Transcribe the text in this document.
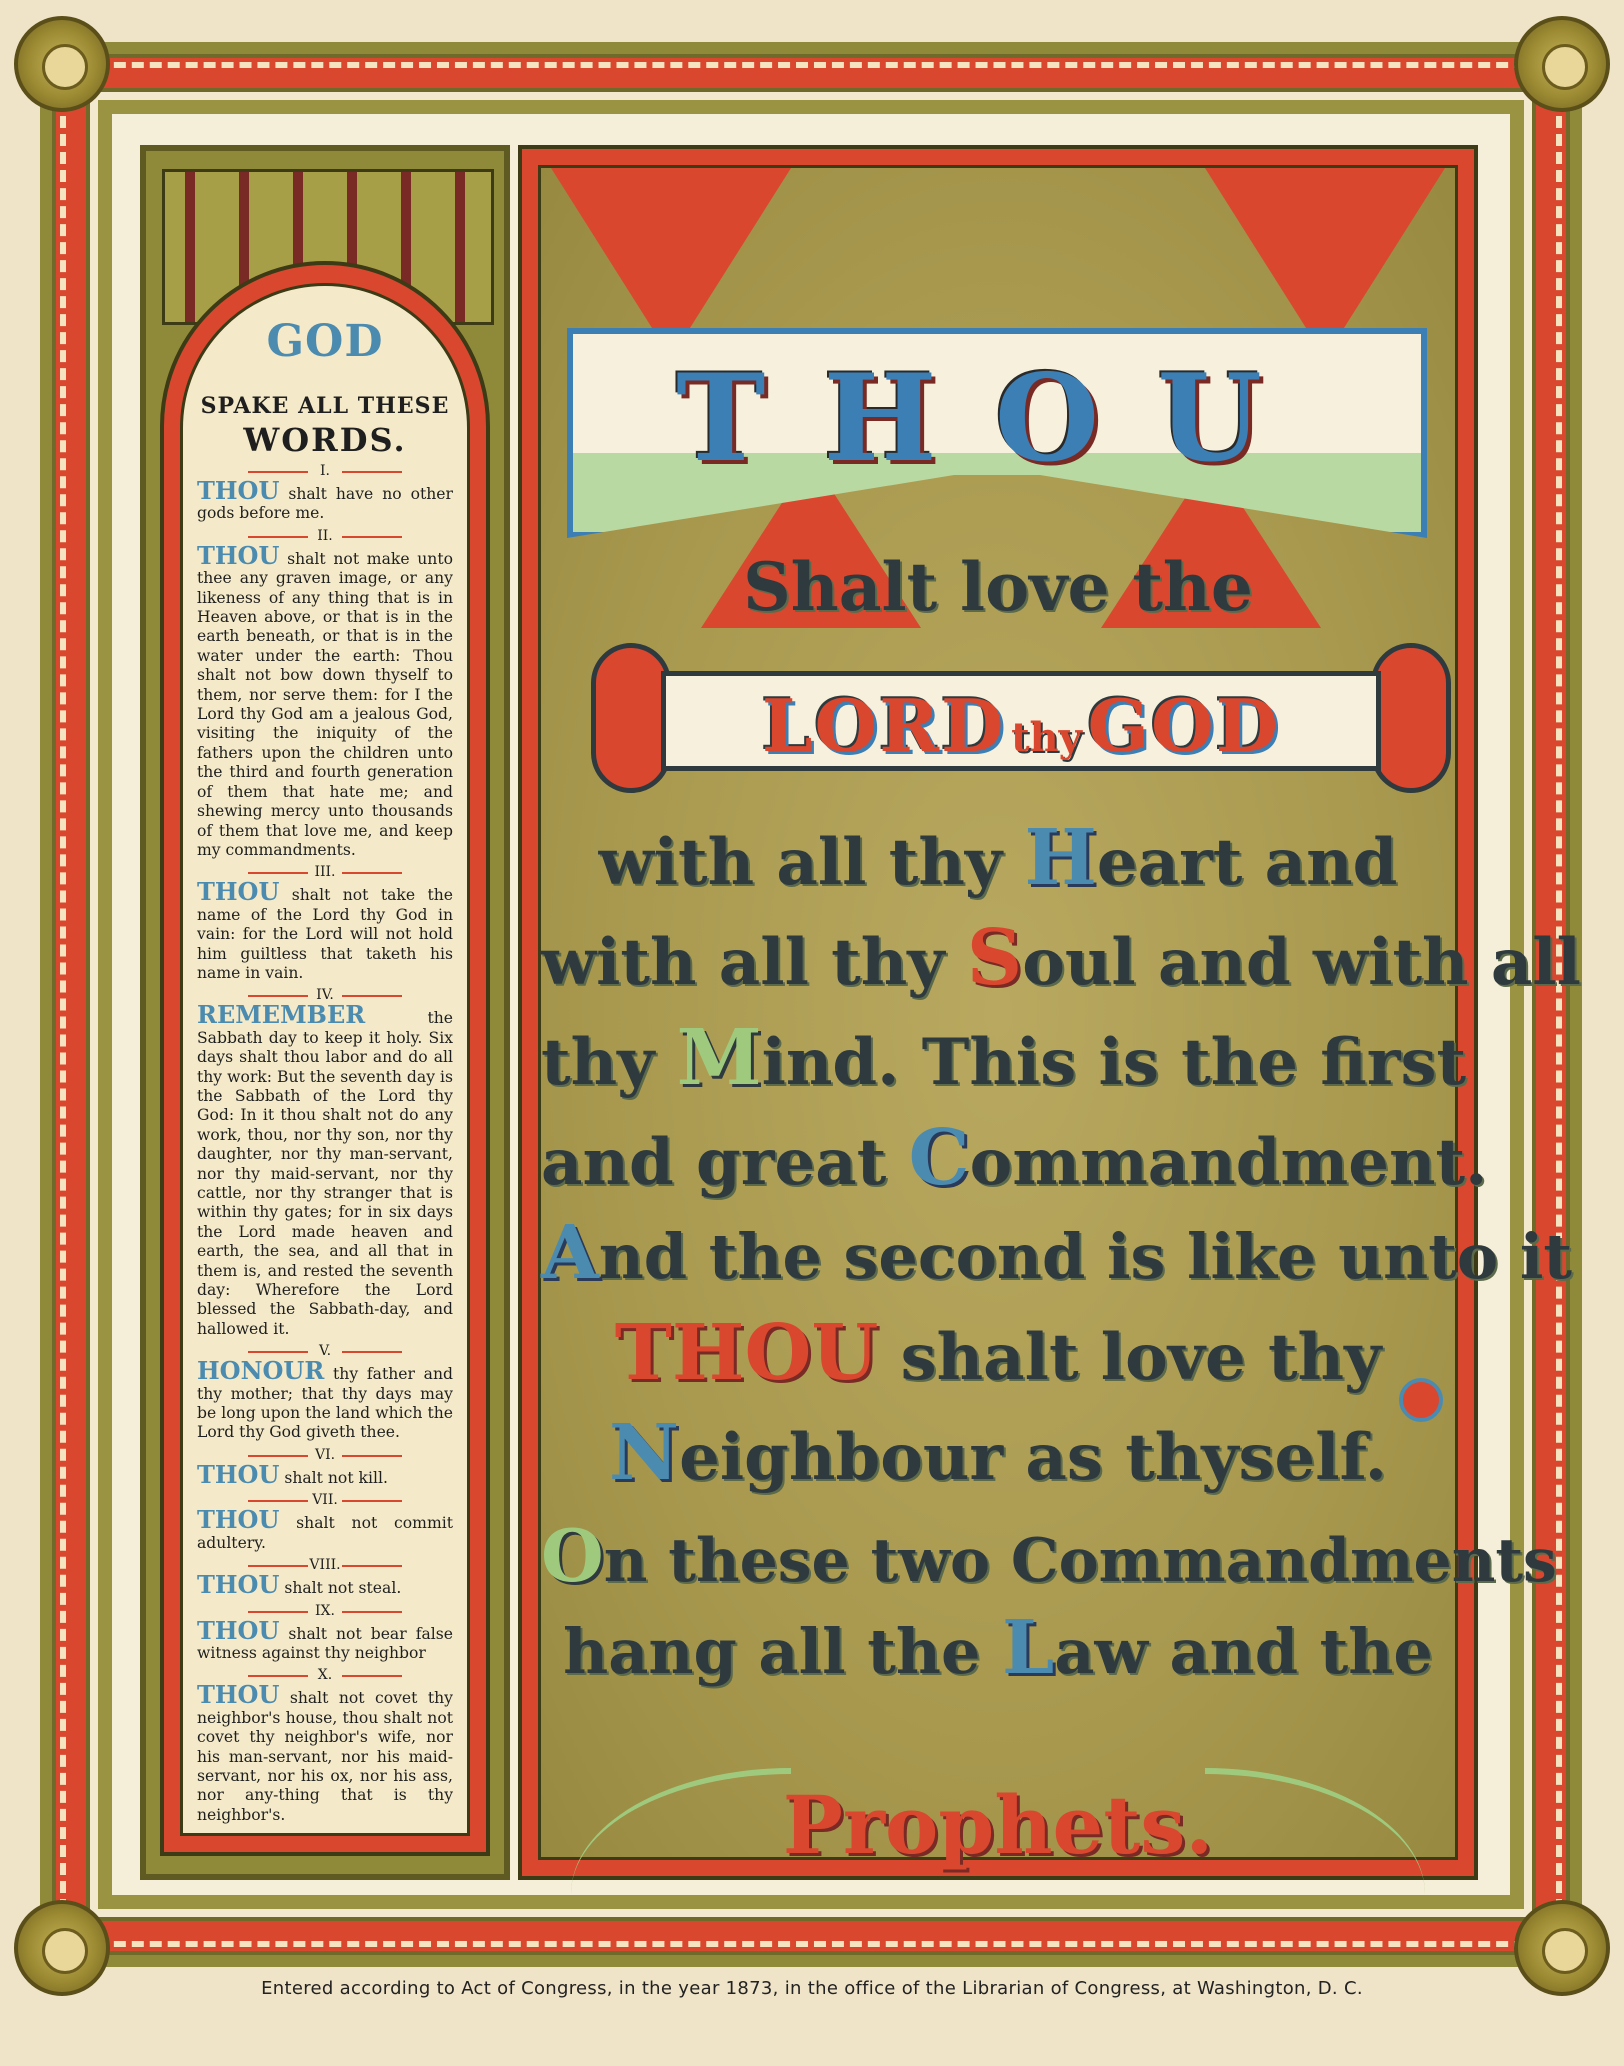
GOD
SPAKE ALL THESE
WORDS.
I.
THOU shalt have no other gods before me.
II.
THOU shalt not make unto thee any graven image, or any likeness of any thing that is in Heaven above, or that is in the earth beneath, or that is in the water under the earth: Thou shalt not bow down thyself to them, nor serve them: for I the Lord thy God am a jealous God, visiting the iniquity of the fathers upon the children unto the third and fourth generation of them that hate me; and shewing mercy unto thousands of them that love me, and keep my commandments.
III.
THOU shalt not take the name of the Lord thy God in vain: for the Lord will not hold him guiltless that taketh his name in vain.
IV.
REMEMBER the Sabbath day to keep it holy. Six days shalt thou labor and do all thy work: But the seventh day is the Sabbath of the Lord thy God: In it thou shalt not do any work, thou, nor thy son, nor thy daughter, nor thy man-servant, nor thy maid-servant, nor thy cattle, nor thy stranger that is within thy gates; for in six days the Lord made heaven and earth, the sea, and all that in them is, and rested the seventh day: Wherefore the Lord blessed the Sabbath-day, and hallowed it.
V.
HONOUR thy father and thy mother; that thy days may be long upon the land which the Lord thy God giveth thee.
VI.
THOU shalt not kill.
VII.
THOU shalt not commit adultery.
VIII.
THOU shalt not steal.
IX.
THOU shalt not bear false witness against thy neighbor
X.
THOU shalt not covet thy neighbor's house, thou shalt not covet thy neighbor's wife, nor his man-servant, nor his maid-servant, nor his ox, nor his ass, nor any-thing that is thy neighbor's.
THOU
Shalt love the
LORD thy GOD
with all thy Heart and
with all thy Soul and with all
thy Mind. This is the first
and great Commandment.
And the second is like unto it
THOU shalt love thy
Neighbour as thyself.
On these two Commandments
hang all the Law and the
Prophets.
Entered according to Act of Congress, in the year 1873, in the office of the Librarian of Congress, at Washington, D. C.
